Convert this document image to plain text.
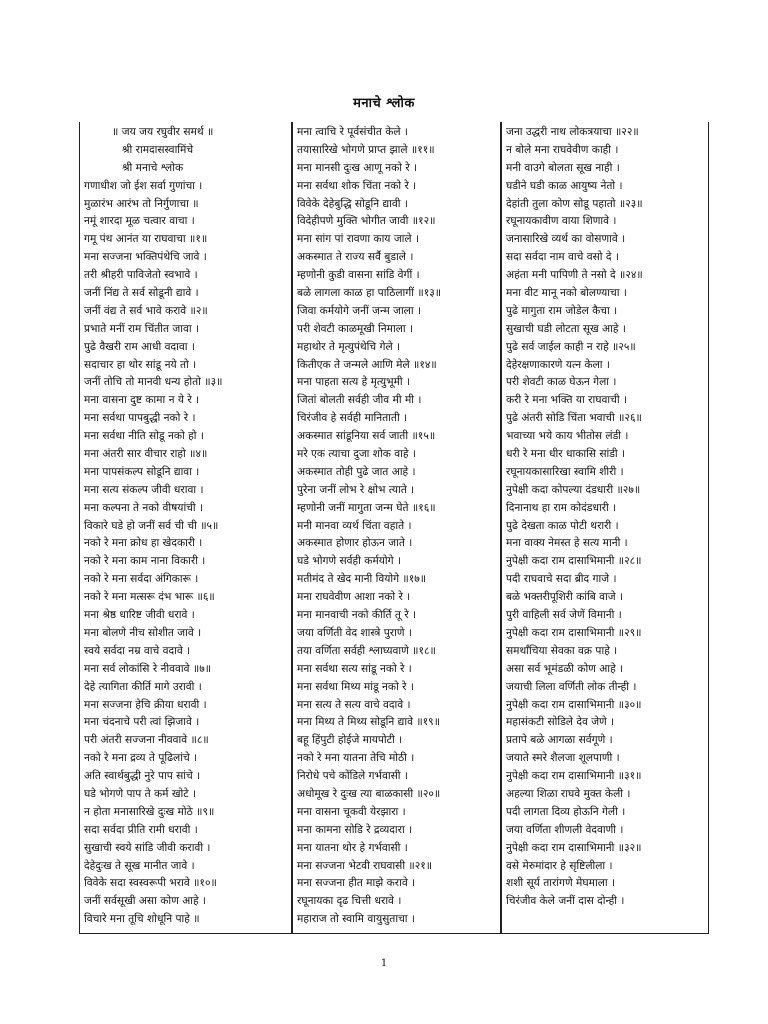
मनाचे श्लोक
॥ जय जय रघुवीर समर्थ ॥
श्री रामदासस्वामिंचे
श्री मनाचे श्लोक
गणाधीश जो ईश सर्वा गुणांचा ।
मुळारंभ आरंभ तो निर्गुणाचा ॥
नमूं शारदा मूळ चत्वार वाचा ।
गमू पंथ आनंत या राघवाचा ॥१॥
मना सज्जना भक्तिपंथेचि जावे ।
तरी श्रीहरी पाविजेतो स्वभावे ।
जनीं निंद्य ते सर्व सोडूनी द्यावे ।
जनीं वंद्य ते सर्व भावे करावे ॥२॥
प्रभाते मनीं राम चिंतीत जावा ।
पुढे वैखरी राम आधी वदावा ।
सदाचार हा थोर सांडू नये तो ।
जनीं तोचि तो मानवी धन्य होतो ॥३॥
मना वासना दुष्ट कामा न ये रे ।
मना सर्वथा पापबुद्धी नको रे ।
मना सर्वथा नीति सोडू नको हो ।
मना अंतरी सार वीचार राहो ॥४॥
मना पापसंकल्प सोडूनि द्यावा ।
मना सत्य संकल्प जीवी धरावा ।
मना कल्पना ते नको वीषयांची ।
विकारे घडे हो जनीं सर्व ची ची ॥५॥
नको रे मना क्रोध हा खेदकारी ।
नको रे मना काम नाना विकारी ।
नको रे मना सर्वदा अंगिकारू ।
नको रे मना मत्सरू दंभ भारू ॥६॥
मना श्रेष्ठ धारिष्ट जीवी धरावे ।
मना बोलणे नीच सोशीत जावे ।
स्वये सर्वदा नम्र वाचे वदावे ।
मना सर्व लोकांसि रे नीववावे ॥७॥
देहे त्यागिता कीर्ति मागे उरावी ।
मना सज्जना हेचि क्रीया धरावी ।
मना चंदनाचे परी त्वां झिजावे ।
परी अंतरी सज्जना नीववावे ॥८॥
नको रे मना द्रव्य ते पूढिलांचे ।
अति स्वार्थबुद्धी नुरे पाप सांचे ।
घडे भोगणे पाप ते कर्म खोटे ।
न होता मनासारिखे दुःख मोठे ॥९॥
सदा सर्वदा प्रीति रामी धरावी ।
सुखाची स्वये सांडि जीवी करावी ।
देहेदुःख ते सूख मानीत जावे ।
विवेके सदा स्वस्वरूपी भरावे ॥१०॥
जनीं सर्वसूखी असा कोण आहे ।
विचारे मना तूचि शोधूनि पाहे ॥
मना त्वाचि रे पूर्वसंचीत केले ।
तयासारिखे भोगणे प्राप्त झाले ॥११॥
मना मानसी दुःख आणू नको रे ।
मना सर्वथा शोक चिंता नको रे ।
विवेके देहेबुद्धि सोडूनि द्यावी ।
विदेहीपणे मुक्ति भोगीत जावी ॥१२॥
मना सांग पां रावणा काय जाले ।
अकस्मात ते राज्य सर्वै बुडाले ।
म्हणोनी कुडी वासना सांडि वेगीं ।
बळे लागला काळ हा पाठिलागीं ॥१३॥
जिवा कर्मयोगे जनीं जन्म जाला ।
परी शेवटी काळमूखी निमाला ।
महाथोर ते मृत्युपंथेचि गेले ।
कितीएक ते जन्मले आणि मेले ॥१४॥
मना पाहता सत्य हे मृत्युभूमी ।
जितां बोलती सर्वही जीव मी मी ।
चिरंजीव हे सर्वही मानिताती ।
अकस्मात सांडूनिया सर्व जाती ॥१५॥
मरे एक त्याचा दुजा शोक वाहे ।
अकस्मात तोही पुढे जात आहे ।
पुरेना जनीं लोभ रे क्षोभ त्याते ।
म्हणोनी जनीं मागुता जन्म घेते ॥१६॥
मनी मानवा व्यर्थ चिंता वहाते ।
अकस्मात होणार होऊन जाते ।
घडे भोगणे सर्वही कर्मयोगे ।
मतीमंद ते खेद मानी वियोगे ॥१७॥
मना राघवेवीण आशा नको रे ।
मना मानवाची नको कीर्ति तू रे ।
जया वर्णिती वेद शास्त्रे पुराणे ।
तया वर्णिता सर्वही श्लाघ्यवाणे ॥१८॥
मना सर्वथा सत्य सांडू नको रे ।
मना सर्वथा मिथ्य मांडू नको रे ।
मना सत्य ते सत्य वाचे वदावे ।
मना मिथ्य ते मिथ्य सोडूनि द्यावे ॥१९॥
बहू हिंपुटी होईजे मायपोटी ।
नको रे मना यातना तेचि मोठी ।
निरोधे पचे कोंडिले गर्भवासी ।
अधोमूख रे दुःख त्या बाळकासी ॥२०॥
मना वासना चूकवी येरझारा ।
मना कामना सोडि रे द्रव्यदारा ।
मना यातना थोर हे गर्भवासी ।
मना सज्जना भेटवी राघवासी ॥२१॥
मना सज्जना हीत माझे करावे ।
रघूनायका दृढ चित्ती धरावे ।
महाराज तो स्वामि वायुसुताचा ।
जना उद्धरी नाथ लोकत्रयाचा ॥२२॥
न बोले मना राघवेवीण काही ।
मनी वाउगे बोलता सूख नाही ।
घडीने घडी काळ आयुष्य नेतो ।
देहांती तुला कोण सोडू पहातो ॥२३॥
रघूनायकावीण वाया शिणावे ।
जनासारिखे व्यर्थ का वोसणावे ।
सदा सर्वदा नाम वाचे वसो दे ।
अहंता मनी पापिणी ते नसो दे ॥२४॥
मना वीट मानू नको बोलण्याचा ।
पुढे मागुता राम जोडेल कैचा ।
सुखाची घडी लोटता सूख आहे ।
पुढे सर्व जाईल काही न राहे ॥२५॥
देहेरक्षणाकारणे यत्न केला ।
परी शेवटी काळ घेऊन गेला ।
करी रे मना भक्ति या राघवाची ।
पुढे अंतरी सोडि चिंता भवाची ॥२६॥
भवाच्या भये काय भीतोस लंडी ।
धरी रे मना धीर धाकासि सांडी ।
रघूनायकासारिखा स्वामि शीरी ।
नुपेक्षी कदा कोपल्या दंडधारी ॥२७॥
दिनानाथ हा राम कोदंडधारी ।
पुढे देखता काळ पोटी थरारी ।
मना वाक्य नेमस्त हे सत्य मानी ।
नुपेक्षी कदा राम दासाभिमानी ॥२८॥
पदी राघवाचे सदा ब्रीद गाजे ।
बळे भक्तरीपूशिरी कांबि वाजे ।
पुरी वाहिली सर्व जेणें विमानी ।
नुपेक्षी कदा राम दासाभिमानी ॥२९॥
समर्थांचिया सेवका वक्र पाहे ।
असा सर्व भूमंडळी कोण आहे ।
जयाची लिला वर्णिती लोक तीन्ही ।
नुपेक्षी कदा राम दासाभिमानी ॥३०॥
महासंकटी सोडिले देव जेणे ।
प्रतापे बळे आगळा सर्वगूणे ।
जयाते स्मरे शैलजा शूलपाणी ।
नुपेक्षी कदा राम दासाभिमानी ॥३१॥
अहल्या शिळा राघवे मुक्त केली ।
पदी लागता दिव्य होऊनि गेली ।
जया वर्णिता शीणली वेदवाणी ।
नुपेक्षी कदा राम दासाभिमानी ॥३२॥
वसे मेरुमांदार हे सृष्टिलीला ।
शशी सूर्य तारांगणे मेघमाला ।
चिरंजीव केले जनीं दास दोन्ही ।
1
